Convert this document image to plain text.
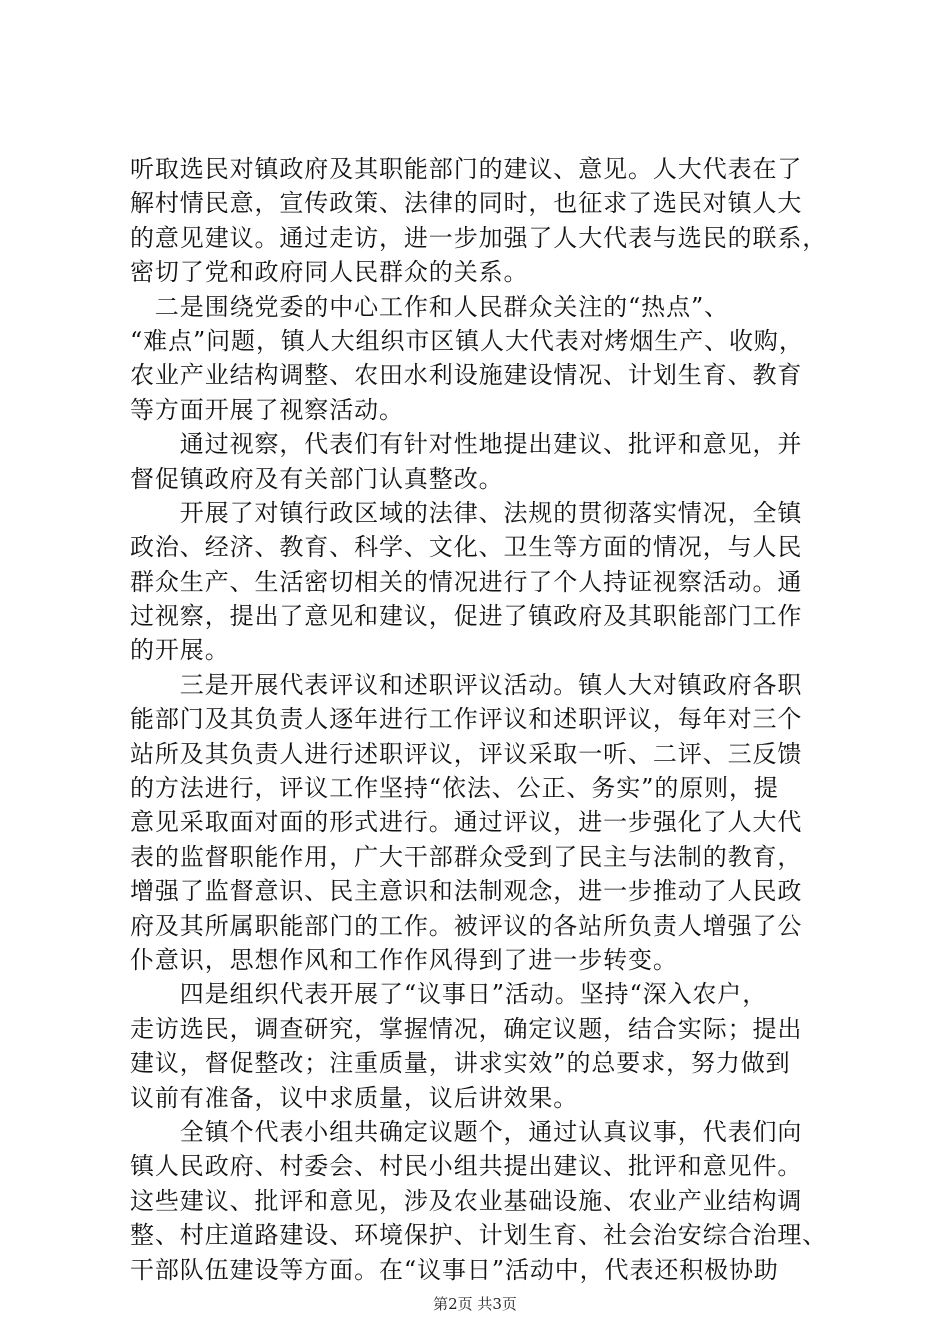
听取选民对镇政府及其职能部门的建议、意见。人大代表在了
解村情民意，宣传政策、法律的同时，也征求了选民对镇人大
的意见建议。通过走访，进一步加强了人大代表与选民的联系，
密切了党和政府同人民群众的关系。
　二是围绕党委的中心工作和人民群众关注的“热点”、
“难点”问题，镇人大组织市区镇人大代表对烤烟生产、收购，
农业产业结构调整、农田水利设施建设情况、计划生育、教育
等方面开展了视察活动。
　　通过视察，代表们有针对性地提出建议、批评和意见，并
督促镇政府及有关部门认真整改。
　　开展了对镇行政区域的法律、法规的贯彻落实情况，全镇
政治、经济、教育、科学、文化、卫生等方面的情况，与人民
群众生产、生活密切相关的情况进行了个人持证视察活动。通
过视察，提出了意见和建议，促进了镇政府及其职能部门工作
的开展。
　　三是开展代表评议和述职评议活动。镇人大对镇政府各职
能部门及其负责人逐年进行工作评议和述职评议，每年对三个
站所及其负责人进行述职评议，评议采取一听、二评、三反馈
的方法进行，评议工作坚持“依法、公正、务实”的原则，提
意见采取面对面的形式进行。通过评议，进一步强化了人大代
表的监督职能作用，广大干部群众受到了民主与法制的教育，
增强了监督意识、民主意识和法制观念，进一步推动了人民政
府及其所属职能部门的工作。被评议的各站所负责人增强了公
仆意识，思想作风和工作作风得到了进一步转变。
　　四是组织代表开展了“议事日”活动。坚持“深入农户，
走访选民，调查研究，掌握情况，确定议题，结合实际；提出
建议，督促整改；注重质量，讲求实效”的总要求，努力做到
议前有准备，议中求质量，议后讲效果。
　　全镇个代表小组共确定议题个，通过认真议事，代表们向
镇人民政府、村委会、村民小组共提出建议、批评和意见件。
这些建议、批评和意见，涉及农业基础设施、农业产业结构调
整、村庄道路建设、环境保护、计划生育、社会治安综合治理、
干部队伍建设等方面。在“议事日”活动中，代表还积极协助
第2页 共3页
